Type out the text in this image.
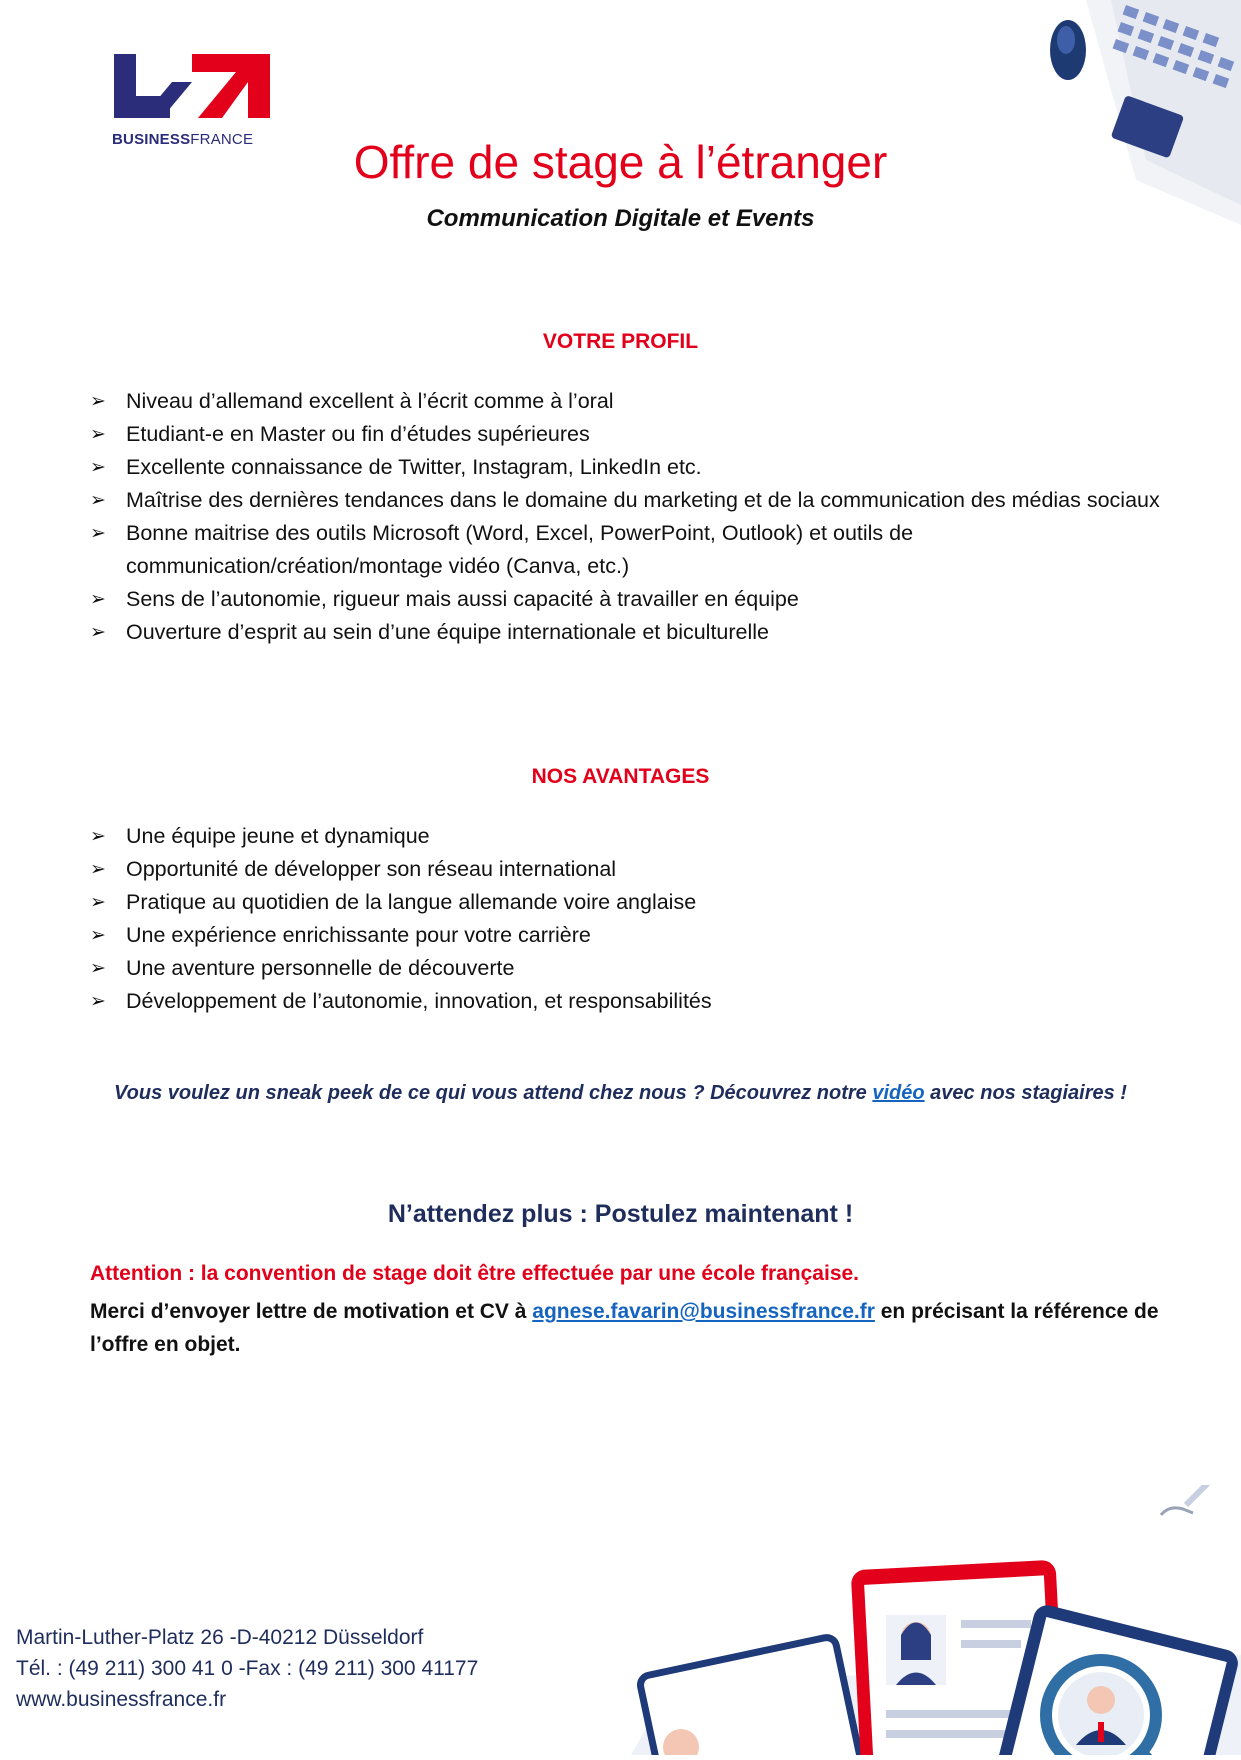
BUSINESSFRANCE	Offre de stage à l’étranger
Communication Digitale et Events
VOTRE PROFIL
➢ Niveau d’allemand excellent à l’écrit comme à l’oral
➢ Etudiant-e en Master ou fin d’études supérieures
➢ Excellente connaissance de Twitter, Instagram, LinkedIn etc.
➢ Maîtrise des dernières tendances dans le domaine du marketing et de la communication des médias sociaux
➢ Bonne maitrise des outils Microsoft (Word, Excel, PowerPoint, Outlook) et outils de communication/création/montage vidéo (Canva, etc.)
➢ Sens de l’autonomie, rigueur mais aussi capacité à travailler en équipe
➢ Ouverture d’esprit au sein d’une équipe internationale et biculturelle
NOS AVANTAGES
➢ Une équipe jeune et dynamique
➢ Opportunité de développer son réseau international
➢ Pratique au quotidien de la langue allemande voire anglaise
➢ Une expérience enrichissante pour votre carrière
➢ Une aventure personnelle de découverte
➢ Développement de l’autonomie, innovation, et responsabilités
Vous voulez un sneak peek de ce qui vous attend chez nous ? Découvrez notre vidéo avec nos stagiaires !
N’attendez plus : Postulez maintenant !
Attention : la convention de stage doit être effectuée par une école française.
Merci d’envoyer lettre de motivation et CV à agnese.favarin@businessfrance.fr en précisant la référence de l’offre en objet.
Martin-Luther-Platz 26 -D-40212 Düsseldorf
Tél. : (49 211) 300 41 0 -Fax : (49 211) 300 41177
www.businessfrance.fr
